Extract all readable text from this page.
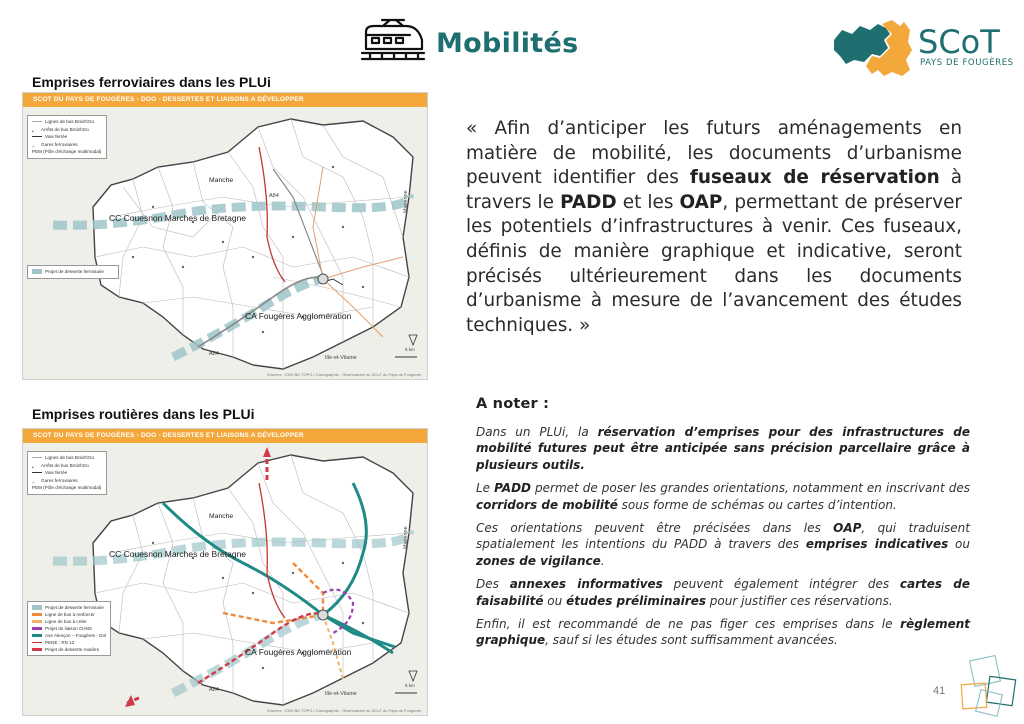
Mobilités	SCoT
PAYS DE FOUGÈRES
Emprises ferroviaires dans les PLUi
SCOT DU PAYS DE FOUGÈRES - DOO - DESSERTES ET LIAISONS A DÉVELOPPER
Lignes de bus BreizhGo
• Arrêts de bus BreizhGo
Voie ferrée
○ Gares ferroviaires
PEM (Pôle d'échange multimodal)
Projet de desserte ferroviaire
Manche
Mayenne
CC Couesnon Marches de Bretagne
CA Fougères Agglomération
Ille-et-Vilaine
A84
A84
5 km
Sources : SDR BD TOPO / Cartographie : Observatoire du SCoT du Pays de Fougères
Emprises routières dans les PLUi
SCOT DU PAYS DE FOUGÈRES - DOO - DESSERTES ET LIAISONS A DÉVELOPPER
Lignes de bus BreizhGo
• Arrêts de bus BreizhGo
Voie ferrée
○ Gares ferroviaires
PEM (Pôle d'échange multimodal)
Projet de desserte ferroviaire
Ligne de bus à renforcer
Ligne de bus à créer
Projet de liaison CHNS
Axe Alençon – Fougères - Dol
PENE : RN 12
Projet de desserte routière
Manche
Mayenne
CC Couesnon Marches de Bretagne
CA Fougères Agglomération
Ille-et-Vilaine
A84
5 km
Sources : SDR BD TOPO / Cartographie : Observatoire du SCoT du Pays de Fougères
« Afin d’anticiper les futurs aménagements en matière de mobilité, les documents d’urbanisme peuvent identifier des fuseaux de réservation à travers le PADD et les OAP, permettant de préserver les potentiels d’infrastructures à venir. Ces fuseaux, définis de manière graphique et indicative, seront précisés ultérieurement dans les documents d’urbanisme à mesure de l’avancement des études techniques. »
A noter :

Dans un PLUi, la réservation d’emprises pour des infrastructures de mobilité futures peut être anticipée sans précision parcellaire grâce à plusieurs outils.

Le PADD permet de poser les grandes orientations, notamment en inscrivant des corridors de mobilité sous forme de schémas ou cartes d’intention.

Ces orientations peuvent être précisées dans les OAP, qui traduisent spatialement les intentions du PADD à travers des emprises indicatives ou zones de vigilance.

Des annexes informatives peuvent également intégrer des cartes de faisabilité ou études préliminaires pour justifier ces réservations.

Enfin, il est recommandé de ne pas figer ces emprises dans le règlement graphique, sauf si les études sont suffisamment avancées.

41
